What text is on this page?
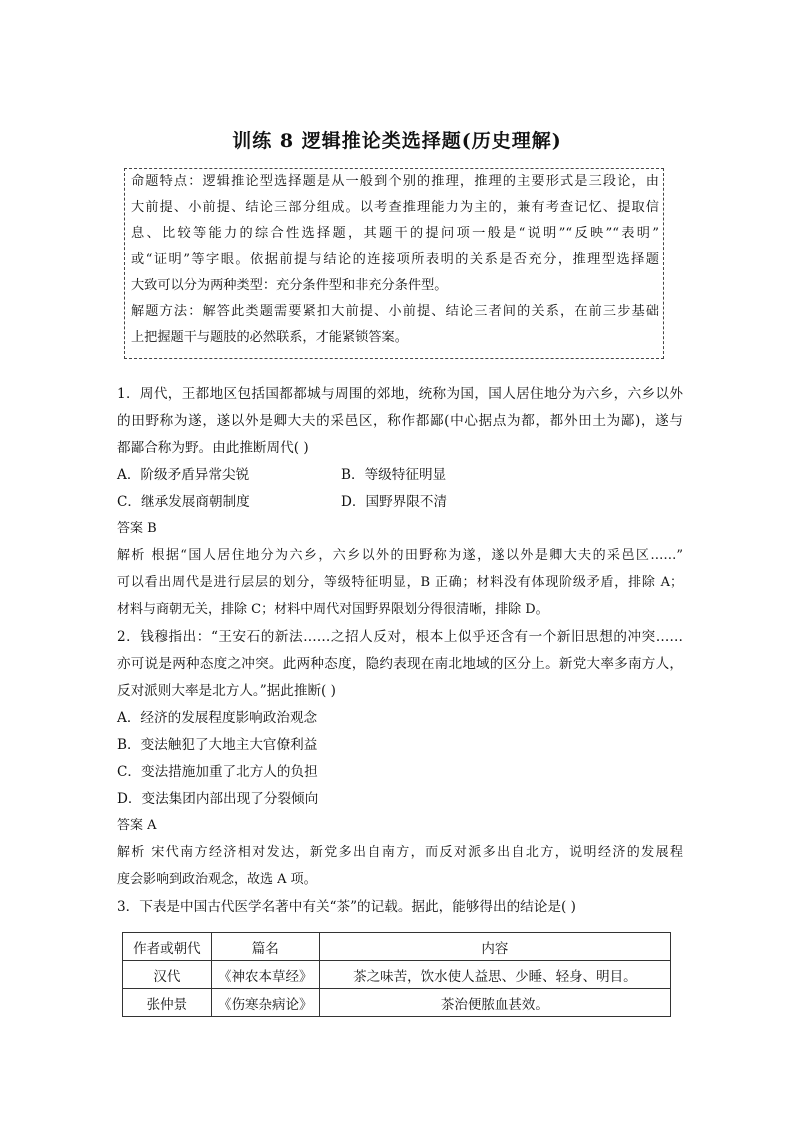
训练 8 逻辑推论类选择题(历史理解)

命题特点：逻辑推论型选择题是从一般到个别的推理，推理的主要形式是三段论，由

大前提、小前提、结论三部分组成。以考查推理能力为主的，兼有考查记忆、提取信

息、比较等能力的综合性选择题，其题干的提问项一般是“说明”“反映”“表明”

或“证明”等字眼。依据前提与结论的连接项所表明的关系是否充分，推理型选择题

大致可以分为两种类型：充分条件型和非充分条件型。

解题方法：解答此类题需要紧扣大前提、小前提、结论三者间的关系，在前三步基础

上把握题干与题肢的必然联系，才能紧锁答案。

1．周代，王都地区包括国都都城与周围的郊地，统称为国，国人居住地分为六乡，六乡以外
的田野称为遂，遂以外是卿大夫的采邑区，称作都鄙(中心据点为都，都外田土为鄙)，遂与
都鄙合称为野。由此推断周代( )
A．阶级矛盾异常尖锐	B．等级特征明显
C．继承发展商朝制度	D．国野界限不清
答案 B
解析 根据“国人居住地分为六乡，六乡以外的田野称为遂，遂以外是卿大夫的采邑区……”
可以看出周代是进行层层的划分，等级特征明显，B 正确；材料没有体现阶级矛盾，排除 A；
材料与商朝无关，排除 C；材料中周代对国野界限划分得很清晰，排除 D。
2．钱穆指出：“王安石的新法……之招人反对，根本上似乎还含有一个新旧思想的冲突……
亦可说是两种态度之冲突。此两种态度，隐约表现在南北地域的区分上。新党大率多南方人，
反对派则大率是北方人。”据此推断( )
A．经济的发展程度影响政治观念
B．变法触犯了大地主大官僚利益
C．变法措施加重了北方人的负担
D．变法集团内部出现了分裂倾向
答案 A
解析 宋代南方经济相对发达，新党多出自南方，而反对派多出自北方，说明经济的发展程
度会影响到政治观念，故选 A 项。
3．下表是中国古代医学名著中有关“茶”的记载。据此，能够得出的结论是( )
作者或朝代	篇名	内容
汉代	《神农本草经》	茶之味苦，饮水使人益思、少睡、轻身、明目。
张仲景	《伤寒杂病论》	茶治便脓血甚效。
